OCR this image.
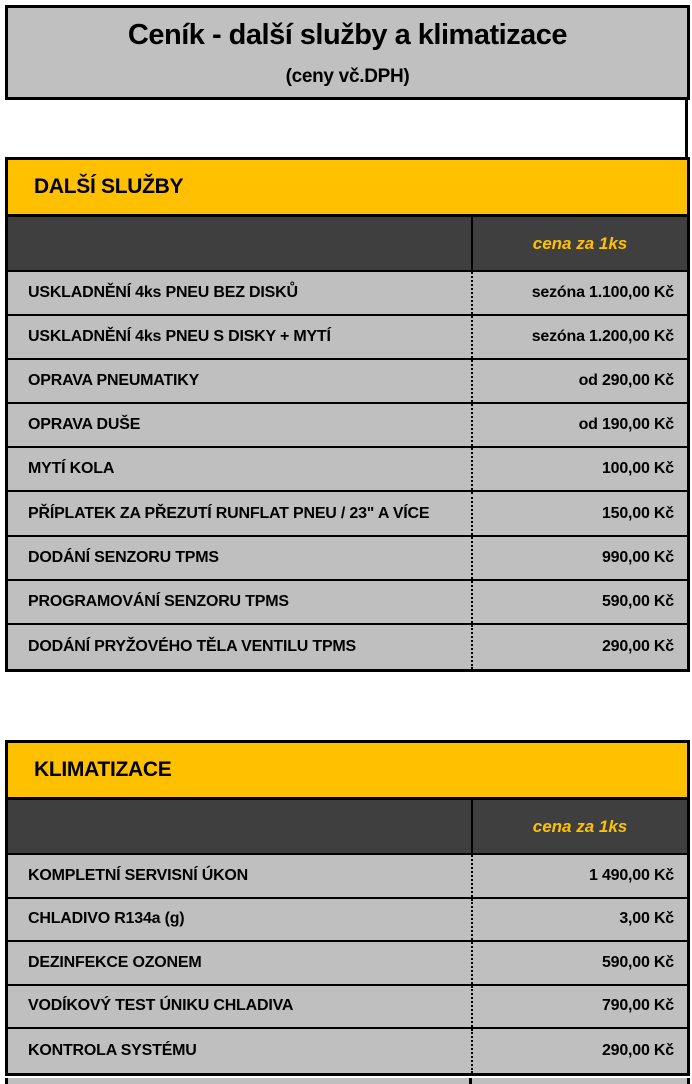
Ceník - další služby a klimatizace
(ceny vč.DPH)
DALŠÍ SLUŽBY
cena za 1ks
USKLADNĚNÍ 4ks PNEU BEZ DISKŮ	sezóna 1.100,00 Kč
USKLADNĚNÍ 4ks PNEU S DISKY + MYTÍ	sezóna 1.200,00 Kč
OPRAVA PNEUMATIKY	od 290,00 Kč
OPRAVA DUŠE	od 190,00 Kč
MYTÍ KOLA	100,00 Kč
PŘÍPLATEK ZA PŘEZUTÍ RUNFLAT PNEU / 23" A VÍCE	150,00 Kč
DODÁNÍ SENZORU TPMS	990,00 Kč
PROGRAMOVÁNÍ SENZORU TPMS	590,00 Kč
DODÁNÍ PRYŽOVÉHO TĚLA VENTILU TPMS	290,00 Kč
KLIMATIZACE
cena za 1ks
KOMPLETNÍ SERVISNÍ ÚKON	1 490,00 Kč
CHLADIVO R134a (g)	3,00 Kč
DEZINFEKCE OZONEM	590,00 Kč
VODÍKOVÝ TEST ÚNIKU CHLADIVA	790,00 Kč
KONTROLA SYSTÉMU	290,00 Kč
